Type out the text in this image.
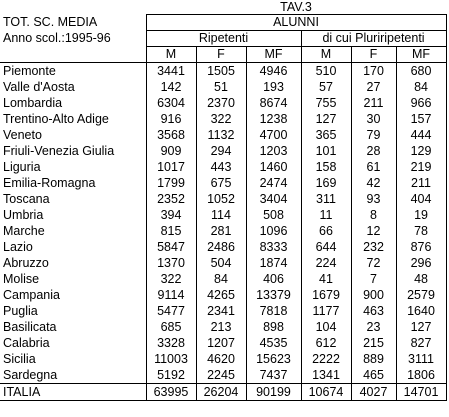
	TAV.3					
TOT. SC. MEDIA	ALUNNI					
Anno scol.:1995-96	Ripetenti			di cui Pluriripetenti		
	M	F	MF	M	F	MF
Piemonte	3441	1505	4946	510	170	680
Valle d'Aosta	142	51	193	57	27	84
Lombardia	6304	2370	8674	755	211	966
Trentino-Alto Adige	916	322	1238	127	30	157
Veneto	3568	1132	4700	365	79	444
Friuli-Venezia Giulia	909	294	1203	101	28	129
Liguria	1017	443	1460	158	61	219
Emilia-Romagna	1799	675	2474	169	42	211
Toscana	2352	1052	3404	311	93	404
Umbria	394	114	508	11	8	19
Marche	815	281	1096	66	12	78
Lazio	5847	2486	8333	644	232	876
Abruzzo	1370	504	1874	224	72	296
Molise	322	84	406	41	7	48
Campania	9114	4265	13379	1679	900	2579
Puglia	5477	2341	7818	1177	463	1640
Basilicata	685	213	898	104	23	127
Calabria	3328	1207	4535	612	215	827
Sicilia	11003	4620	15623	2222	889	3111
Sardegna	5192	2245	7437	1341	465	1806
ITALIA	63995	26204	90199	10674	4027	14701
